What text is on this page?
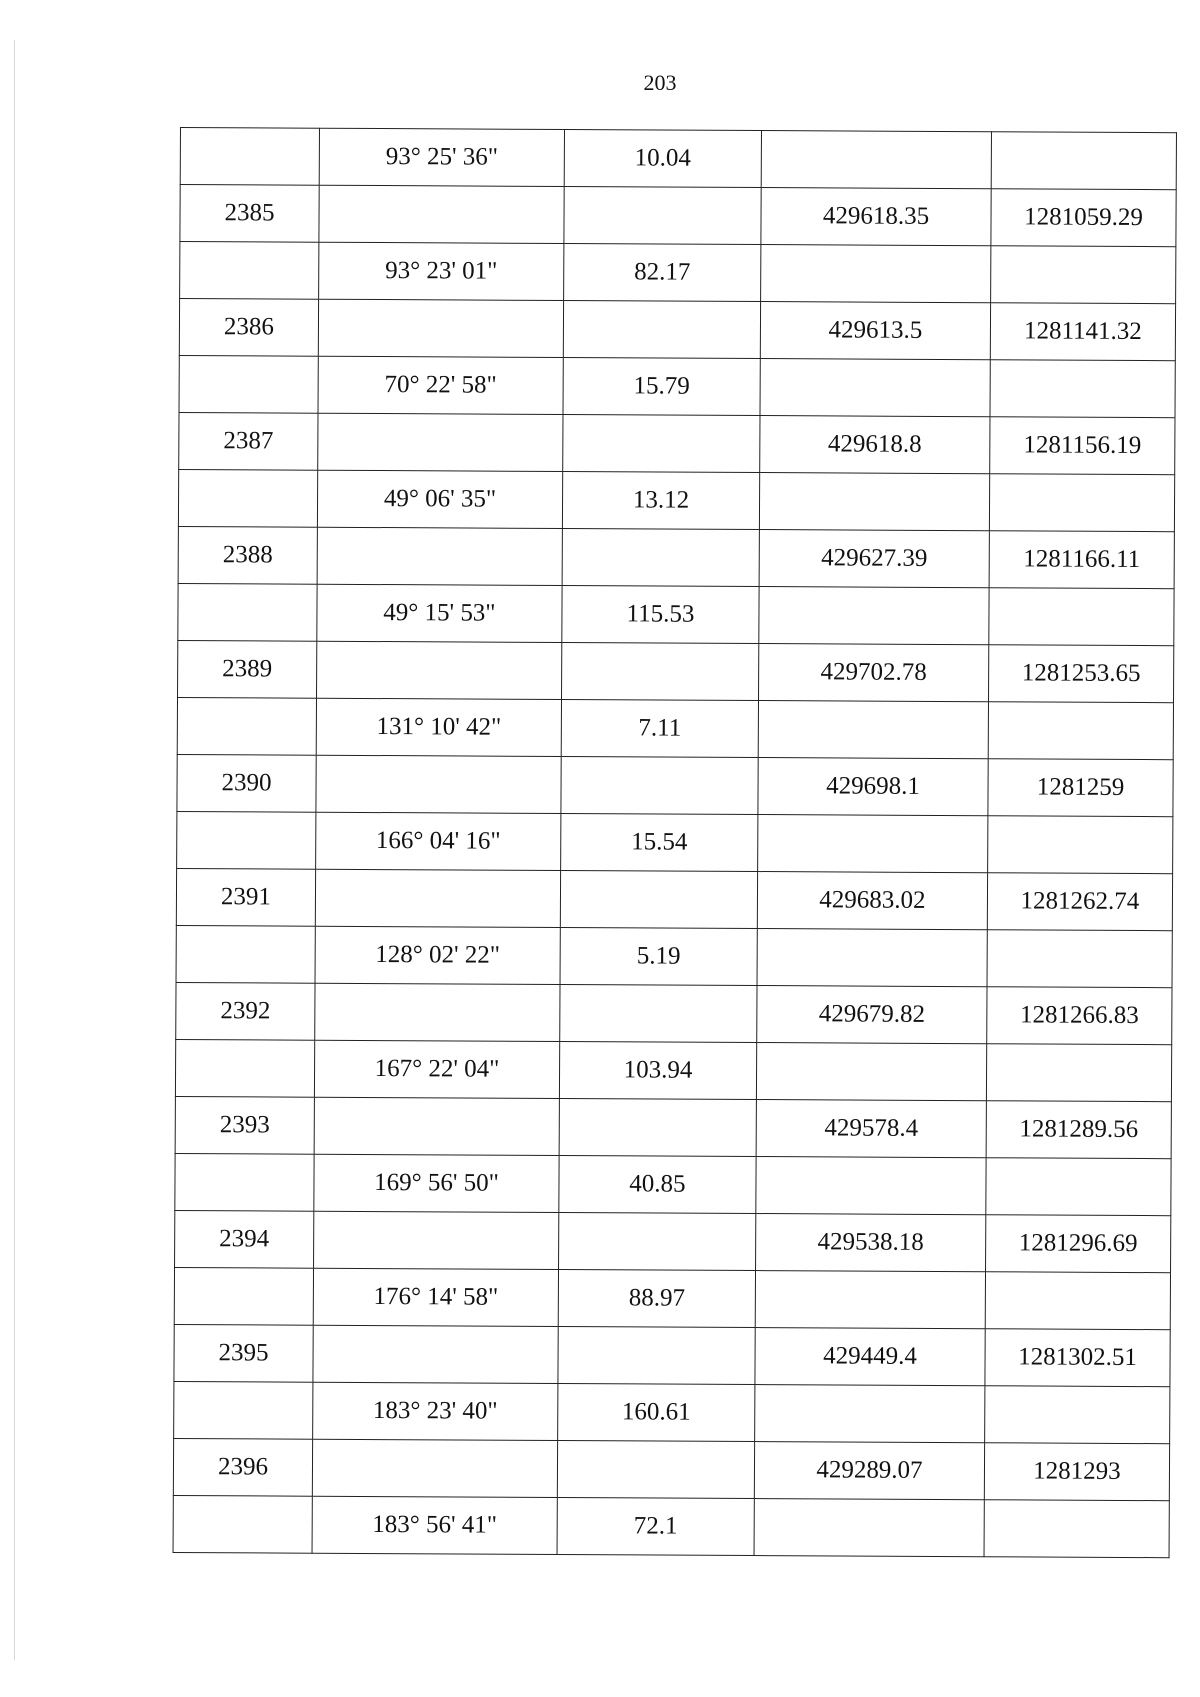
203
	93° 25' 36"	10.04		
2385			429618.35	1281059.29
	93° 23' 01"	82.17		
2386			429613.5	1281141.32
	70° 22' 58"	15.79		
2387			429618.8	1281156.19
	49° 06' 35"	13.12		
2388			429627.39	1281166.11
	49° 15' 53"	115.53		
2389			429702.78	1281253.65
	131° 10' 42"	7.11		
2390			429698.1	1281259
	166° 04' 16"	15.54		
2391			429683.02	1281262.74
	128° 02' 22"	5.19		
2392			429679.82	1281266.83
	167° 22' 04"	103.94		
2393			429578.4	1281289.56
	169° 56' 50"	40.85		
2394			429538.18	1281296.69
	176° 14' 58"	88.97		
2395			429449.4	1281302.51
	183° 23' 40"	160.61		
2396			429289.07	1281293
	183° 56' 41"	72.1		
